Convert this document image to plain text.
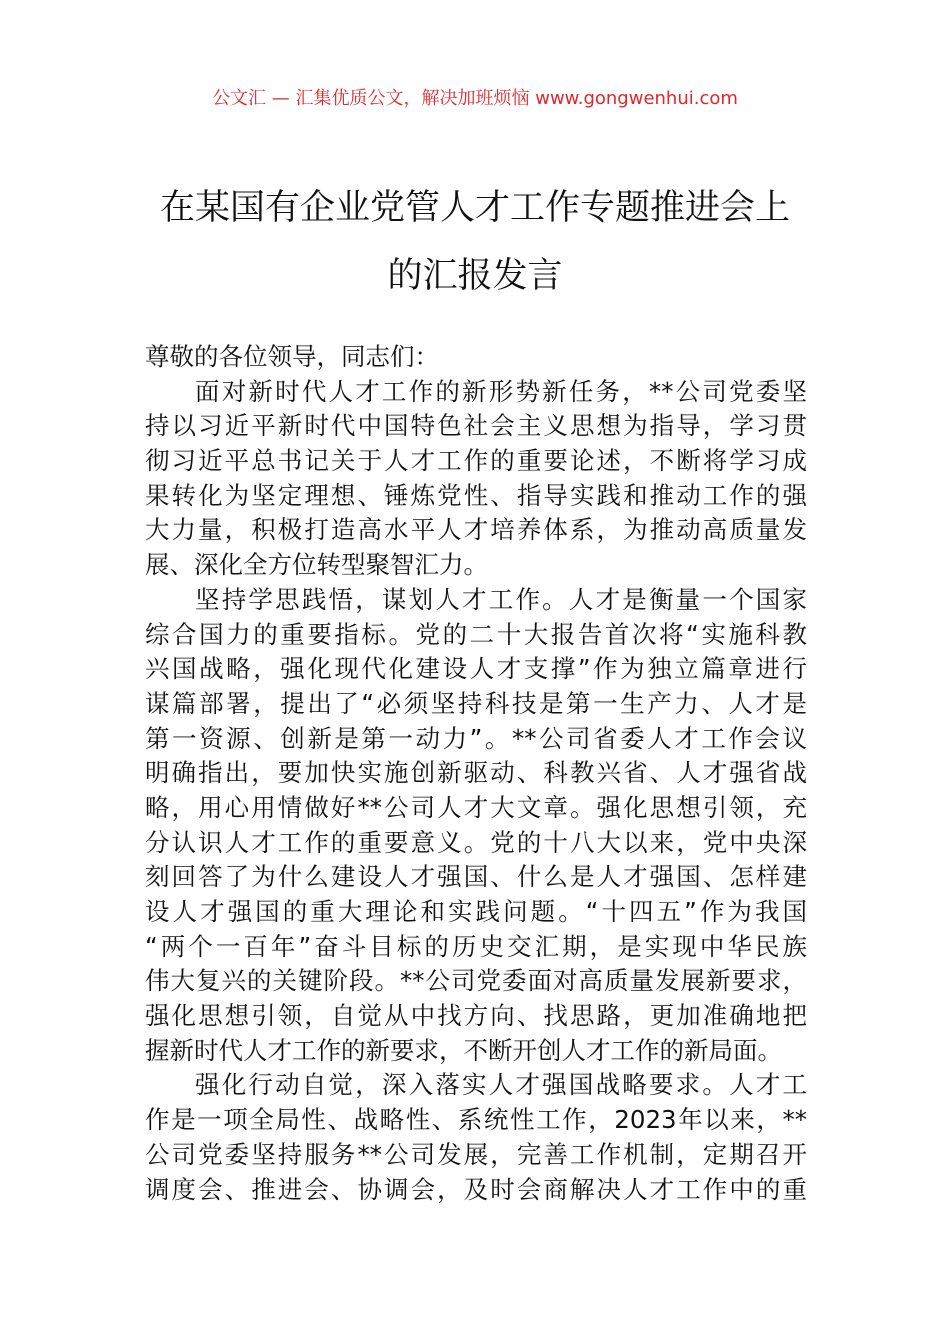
公文汇 — 汇集优质公文，解决加班烦恼 www.gongwenhui.com
在某国有企业党管人才工作专题推进会上
的汇报发言
尊敬的各位领导，同志们：
面对新时代人才工作的新形势新任务，**公司党委坚
持以习近平新时代中国特色社会主义思想为指导，学习贯
彻习近平总书记关于人才工作的重要论述，不断将学习成
果转化为坚定理想、锤炼党性、指导实践和推动工作的强
大力量，积极打造高水平人才培养体系，为推动高质量发
展、深化全方位转型聚智汇力。
坚持学思践悟，谋划人才工作。人才是衡量一个国家
综合国力的重要指标。党的二十大报告首次将“实施科教
兴国战略，强化现代化建设人才支撑”作为独立篇章进行
谋篇部署，提出了“必须坚持科技是第一生产力、人才是
第一资源、创新是第一动力”。**公司省委人才工作会议
明确指出，要加快实施创新驱动、科教兴省、人才强省战
略，用心用情做好**公司人才大文章。强化思想引领，充
分认识人才工作的重要意义。党的十八大以来，党中央深
刻回答了为什么建设人才强国、什么是人才强国、怎样建
设人才强国的重大理论和实践问题。“十四五”作为我国
“两个一百年”奋斗目标的历史交汇期，是实现中华民族
伟大复兴的关键阶段。**公司党委面对高质量发展新要求，
强化思想引领，自觉从中找方向、找思路，更加准确地把
握新时代人才工作的新要求，不断开创人才工作的新局面。
强化行动自觉，深入落实人才强国战略要求。人才工
作是一项全局性、战略性、系统性工作，2023年以来，**
公司党委坚持服务**公司发展，完善工作机制，定期召开
调度会、推进会、协调会，及时会商解决人才工作中的重
